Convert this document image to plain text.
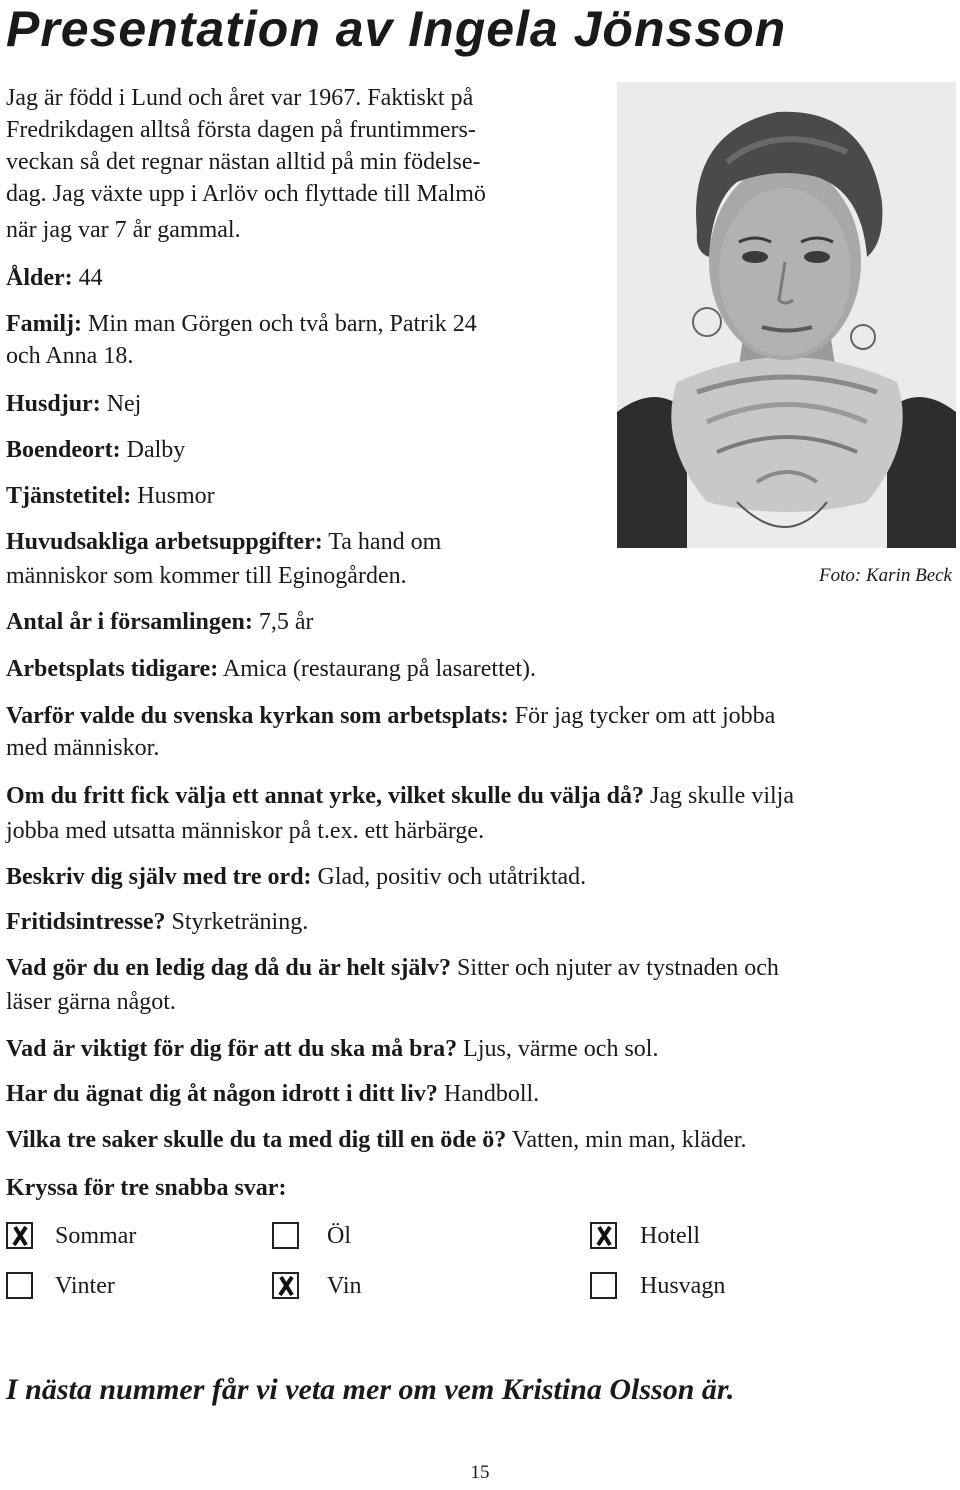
Presentation av Ingela Jönsson
Jag är född i Lund och året var 1967. Faktiskt på
Fredrikdagen alltså första dagen på fruntimmers-
veckan så det regnar nästan alltid på min födelse-
dag. Jag växte upp i Arlöv och flyttade till Malmö
när jag var 7 år gammal.
Ålder: 44
Familj: Min man Görgen och två barn, Patrik 24
och Anna 18.
Husdjur: Nej
Boendeort: Dalby
Tjänstetitel: Husmor
Huvudsakliga arbetsuppgifter: Ta hand om
människor som kommer till Eginogården.
Antal år i församlingen: 7,5 år
Arbetsplats tidigare: Amica (restaurang på lasarettet).
Varför valde du svenska kyrkan som arbetsplats: För jag tycker om att jobba
med människor.
Om du fritt fick välja ett annat yrke, vilket skulle du välja då? Jag skulle vilja
jobba med utsatta människor på t.ex. ett härbärge.
Beskriv dig själv med tre ord: Glad, positiv och utåtriktad.
Fritidsintresse? Styrketräning.
Vad gör du en ledig dag då du är helt själv? Sitter och njuter av tystnaden och
läser gärna något.
Vad är viktigt för dig för att du ska må bra? Ljus, värme och sol.
Har du ägnat dig åt någon idrott i ditt liv? Handboll.
Vilka tre saker skulle du ta med dig till en öde ö? Vatten, min man, kläder.
Kryssa för tre snabba svar:
Foto: Karin Beck
Sommar	Öl	Hotell
Vinter	Vin	Husvagn
I nästa nummer får vi veta mer om vem Kristina Olsson är.
15
